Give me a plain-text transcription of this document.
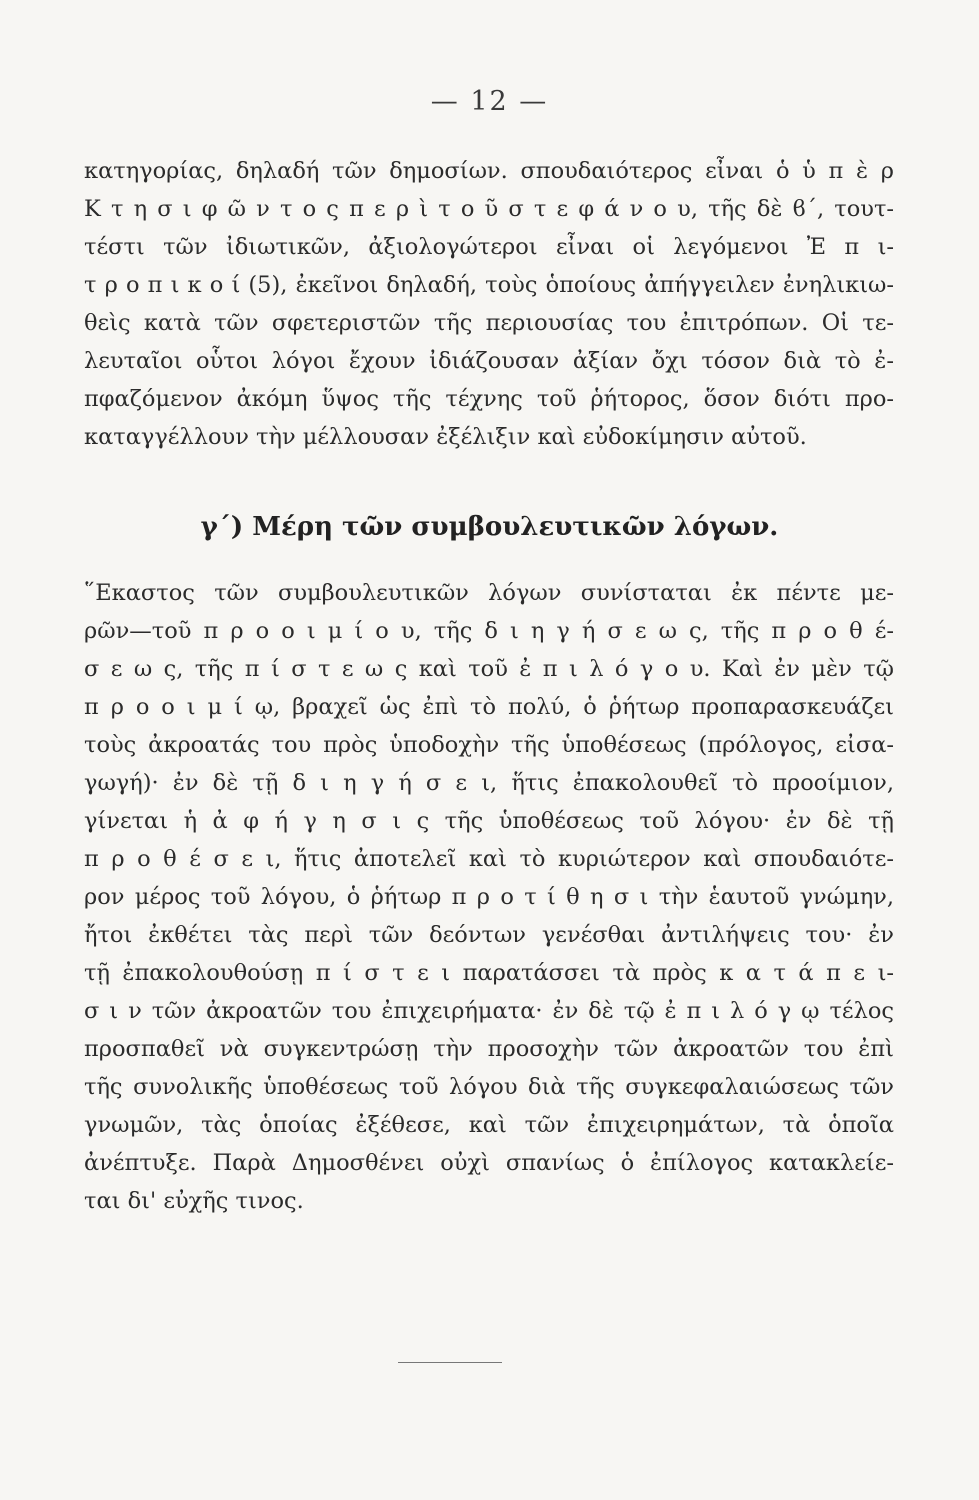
— 12 —
κατηγορίας, δηλαδή τῶν δημοσίων. σπουδαιότερος εἶναι ὁ ὑ π ὲ ρ
Κ τ η σ ι φ ῶ ν τ ο ς π ε ρ ὶ τ ο ῦ σ τ ε φ ά ν ο υ, τῆς δὲ ϐ΄, τουτ-
τέστι τῶν ἰδιωτικῶν, ἀξιολογώτεροι εἶναι οἱ λεγόμενοι Ἐ π ι-
τ ρ ο π ι κ ο ί (5), ἐκεῖνοι δηλαδή, τοὺς ὁποίους ἀπήγγειλεν ἐνηλικιω-
θεὶς κατὰ τῶν σφετεριστῶν τῆς περιουσίας του ἐπιτρόπων. Οἱ τε-
λευταῖοι οὗτοι λόγοι ἔχουν ἰδιάζουσαν ἀξίαν ὄχι τόσον διὰ τὸ ἐ-
πφαζόμενον ἀκόμη ὕψος τῆς τέχνης τοῦ ῥήτορος, ὅσον διότι προ-
καταγγέλλουν τὴν μέλλουσαν ἐξέλιξιν καὶ εὐδοκίμησιν αὐτοῦ.
γ΄) Μέρη τῶν συμβουλευτικῶν λόγων.
῞Εκαστος τῶν συμβουλευτικῶν λόγων συνίσταται ἐκ πέντε με-
ρῶν—τοῦ π ρ ο ο ι μ ί ο υ, τῆς δ ι η γ ή σ ε ω ς, τῆς π ρ ο θ έ-
σ ε ω ς, τῆς π ί σ τ ε ω ς καὶ τοῦ ἐ π ι λ ό γ ο υ. Καὶ ἐν μὲν τῷ
π ρ ο ο ι μ ί ῳ, βραχεῖ ὡς ἐπὶ τὸ πολύ, ὁ ῥήτωρ προπαρασκευάζει
τοὺς ἀκροατάς του πρὸς ὑποδοχὴν τῆς ὑποθέσεως (πρόλογος, εἰσα-
γωγή)· ἐν δὲ τῇ δ ι η γ ή σ ε ι, ἥτις ἐπακολουθεῖ τὸ προοίμιον,
γίνεται ἡ ἀ φ ή γ η σ ι ς τῆς ὑποθέσεως τοῦ λόγου· ἐν δὲ τῇ
π ρ ο θ έ σ ε ι, ἥτις ἀποτελεῖ καὶ τὸ κυριώτερον καὶ σπουδαιότε-
ρον μέρος τοῦ λόγου, ὁ ῥήτωρ π ρ ο τ ί θ η σ ι τὴν ἑαυτοῦ γνώμην,
ἤτοι ἐκθέτει τὰς περὶ τῶν δεόντων γενέσθαι ἀντιλήψεις του· ἐν
τῇ ἐπακολουθούσῃ π ί σ τ ε ι παρατάσσει τὰ πρὸς κ α τ ά π ε ι-
σ ι ν τῶν ἀκροατῶν του ἐπιχειρήματα· ἐν δὲ τῷ ἐ π ι λ ό γ ῳ τέλος
προσπαθεῖ νὰ συγκεντρώσῃ τὴν προσοχὴν τῶν ἀκροατῶν του ἐπὶ
τῆς συνολικῆς ὑποθέσεως τοῦ λόγου διὰ τῆς συγκεφαλαιώσεως τῶν
γνωμῶν, τὰς ὁποίας ἐξέθεσε, καὶ τῶν ἐπιχειρημάτων, τὰ ὁποῖα
ἀνέπτυξε. Παρὰ Δημοσθένει οὐχὶ σπανίως ὁ ἐπίλογος κατακλείε-
ται δι' εὐχῆς τινος.
